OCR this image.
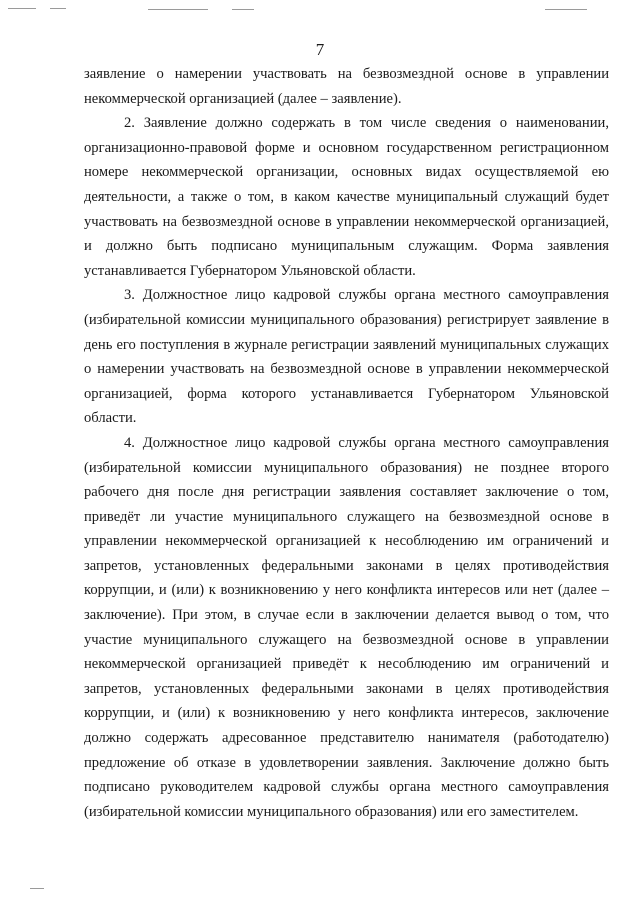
7

заявление о намерении участвовать на безвозмездной основе в управлении некоммерческой организацией (далее – заявление).

2. Заявление должно содержать в том числе сведения о наименовании, организационно-правовой форме и основном государственном регистрационном номере некоммерческой организации, основных видах осуществляемой ею деятельности, а также о том, в каком качестве муниципальный служащий будет участвовать на безвозмездной основе в управлении некоммерческой организацией, и должно быть подписано муниципальным служащим. Форма заявления устанавливается Губернатором Ульяновской области.

3. Должностное лицо кадровой службы органа местного самоуправления (избирательной комиссии муниципального образования) регистрирует заявление в день его поступления в журнале регистрации заявлений муниципальных служащих о намерении участвовать на безвозмездной основе в управлении некоммерческой организацией, форма которого устанавливается Губернатором Ульяновской области.

4. Должностное лицо кадровой службы органа местного самоуправления (избирательной комиссии муниципального образования) не позднее второго рабочего дня после дня регистрации заявления составляет заключение о том, приведёт ли участие муниципального служащего на безвозмездной основе в управлении некоммерческой организацией к несоблюдению им ограничений и запретов, установленных федеральными законами в целях противодействия коррупции, и (или) к возникновению у него конфликта интересов или нет (далее – заключение). При этом, в случае если в заключении делается вывод о том, что участие муниципального служащего на безвозмездной основе в управлении некоммерческой организацией приведёт к несоблюдению им ограничений и запретов, установленных федеральными законами в целях противодействия коррупции, и (или) к возникновению у него конфликта интересов, заключение должно содержать адресованное представителю нанимателя (работодателю) предложение об отказе в удовлетворении заявления. Заключение должно быть подписано руководителем кадровой службы органа местного самоуправления (избирательной комиссии муниципального образования) или его заместителем.
